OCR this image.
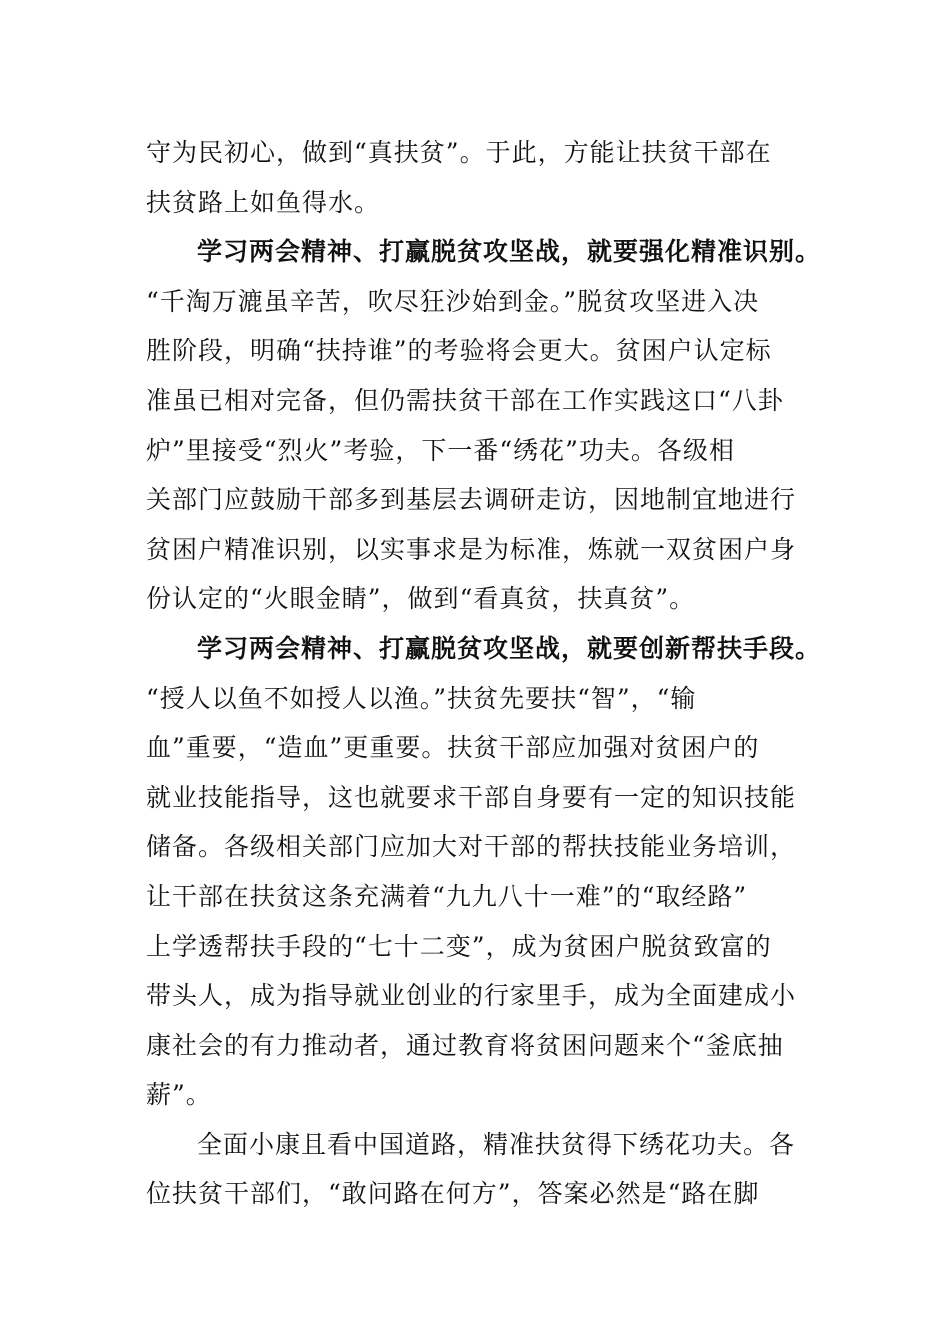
守为民初心，做到“真扶贫”。于此，方能让扶贫干部在
扶贫路上如鱼得水。
学习两会精神、打赢脱贫攻坚战，就要强化精准识别。
“千淘万漉虽辛苦，吹尽狂沙始到金。”脱贫攻坚进入决
胜阶段，明确“扶持谁”的考验将会更大。贫困户认定标
准虽已相对完备，但仍需扶贫干部在工作实践这口“八卦
炉”里接受“烈火”考验，下一番“绣花”功夫。各级相
关部门应鼓励干部多到基层去调研走访，因地制宜地进行
贫困户精准识别，以实事求是为标准，炼就一双贫困户身
份认定的“火眼金睛”，做到“看真贫，扶真贫”。
学习两会精神、打赢脱贫攻坚战，就要创新帮扶手段。
“授人以鱼不如授人以渔。”扶贫先要扶“智”，“输
血”重要，“造血”更重要。扶贫干部应加强对贫困户的
就业技能指导，这也就要求干部自身要有一定的知识技能
储备。各级相关部门应加大对干部的帮扶技能业务培训，
让干部在扶贫这条充满着“九九八十一难”的“取经路”
上学透帮扶手段的“七十二变”，成为贫困户脱贫致富的
带头人，成为指导就业创业的行家里手，成为全面建成小
康社会的有力推动者，通过教育将贫困问题来个“釜底抽
薪”。
全面小康且看中国道路，精准扶贫得下绣花功夫。各
位扶贫干部们，“敢问路在何方”，答案必然是“路在脚
